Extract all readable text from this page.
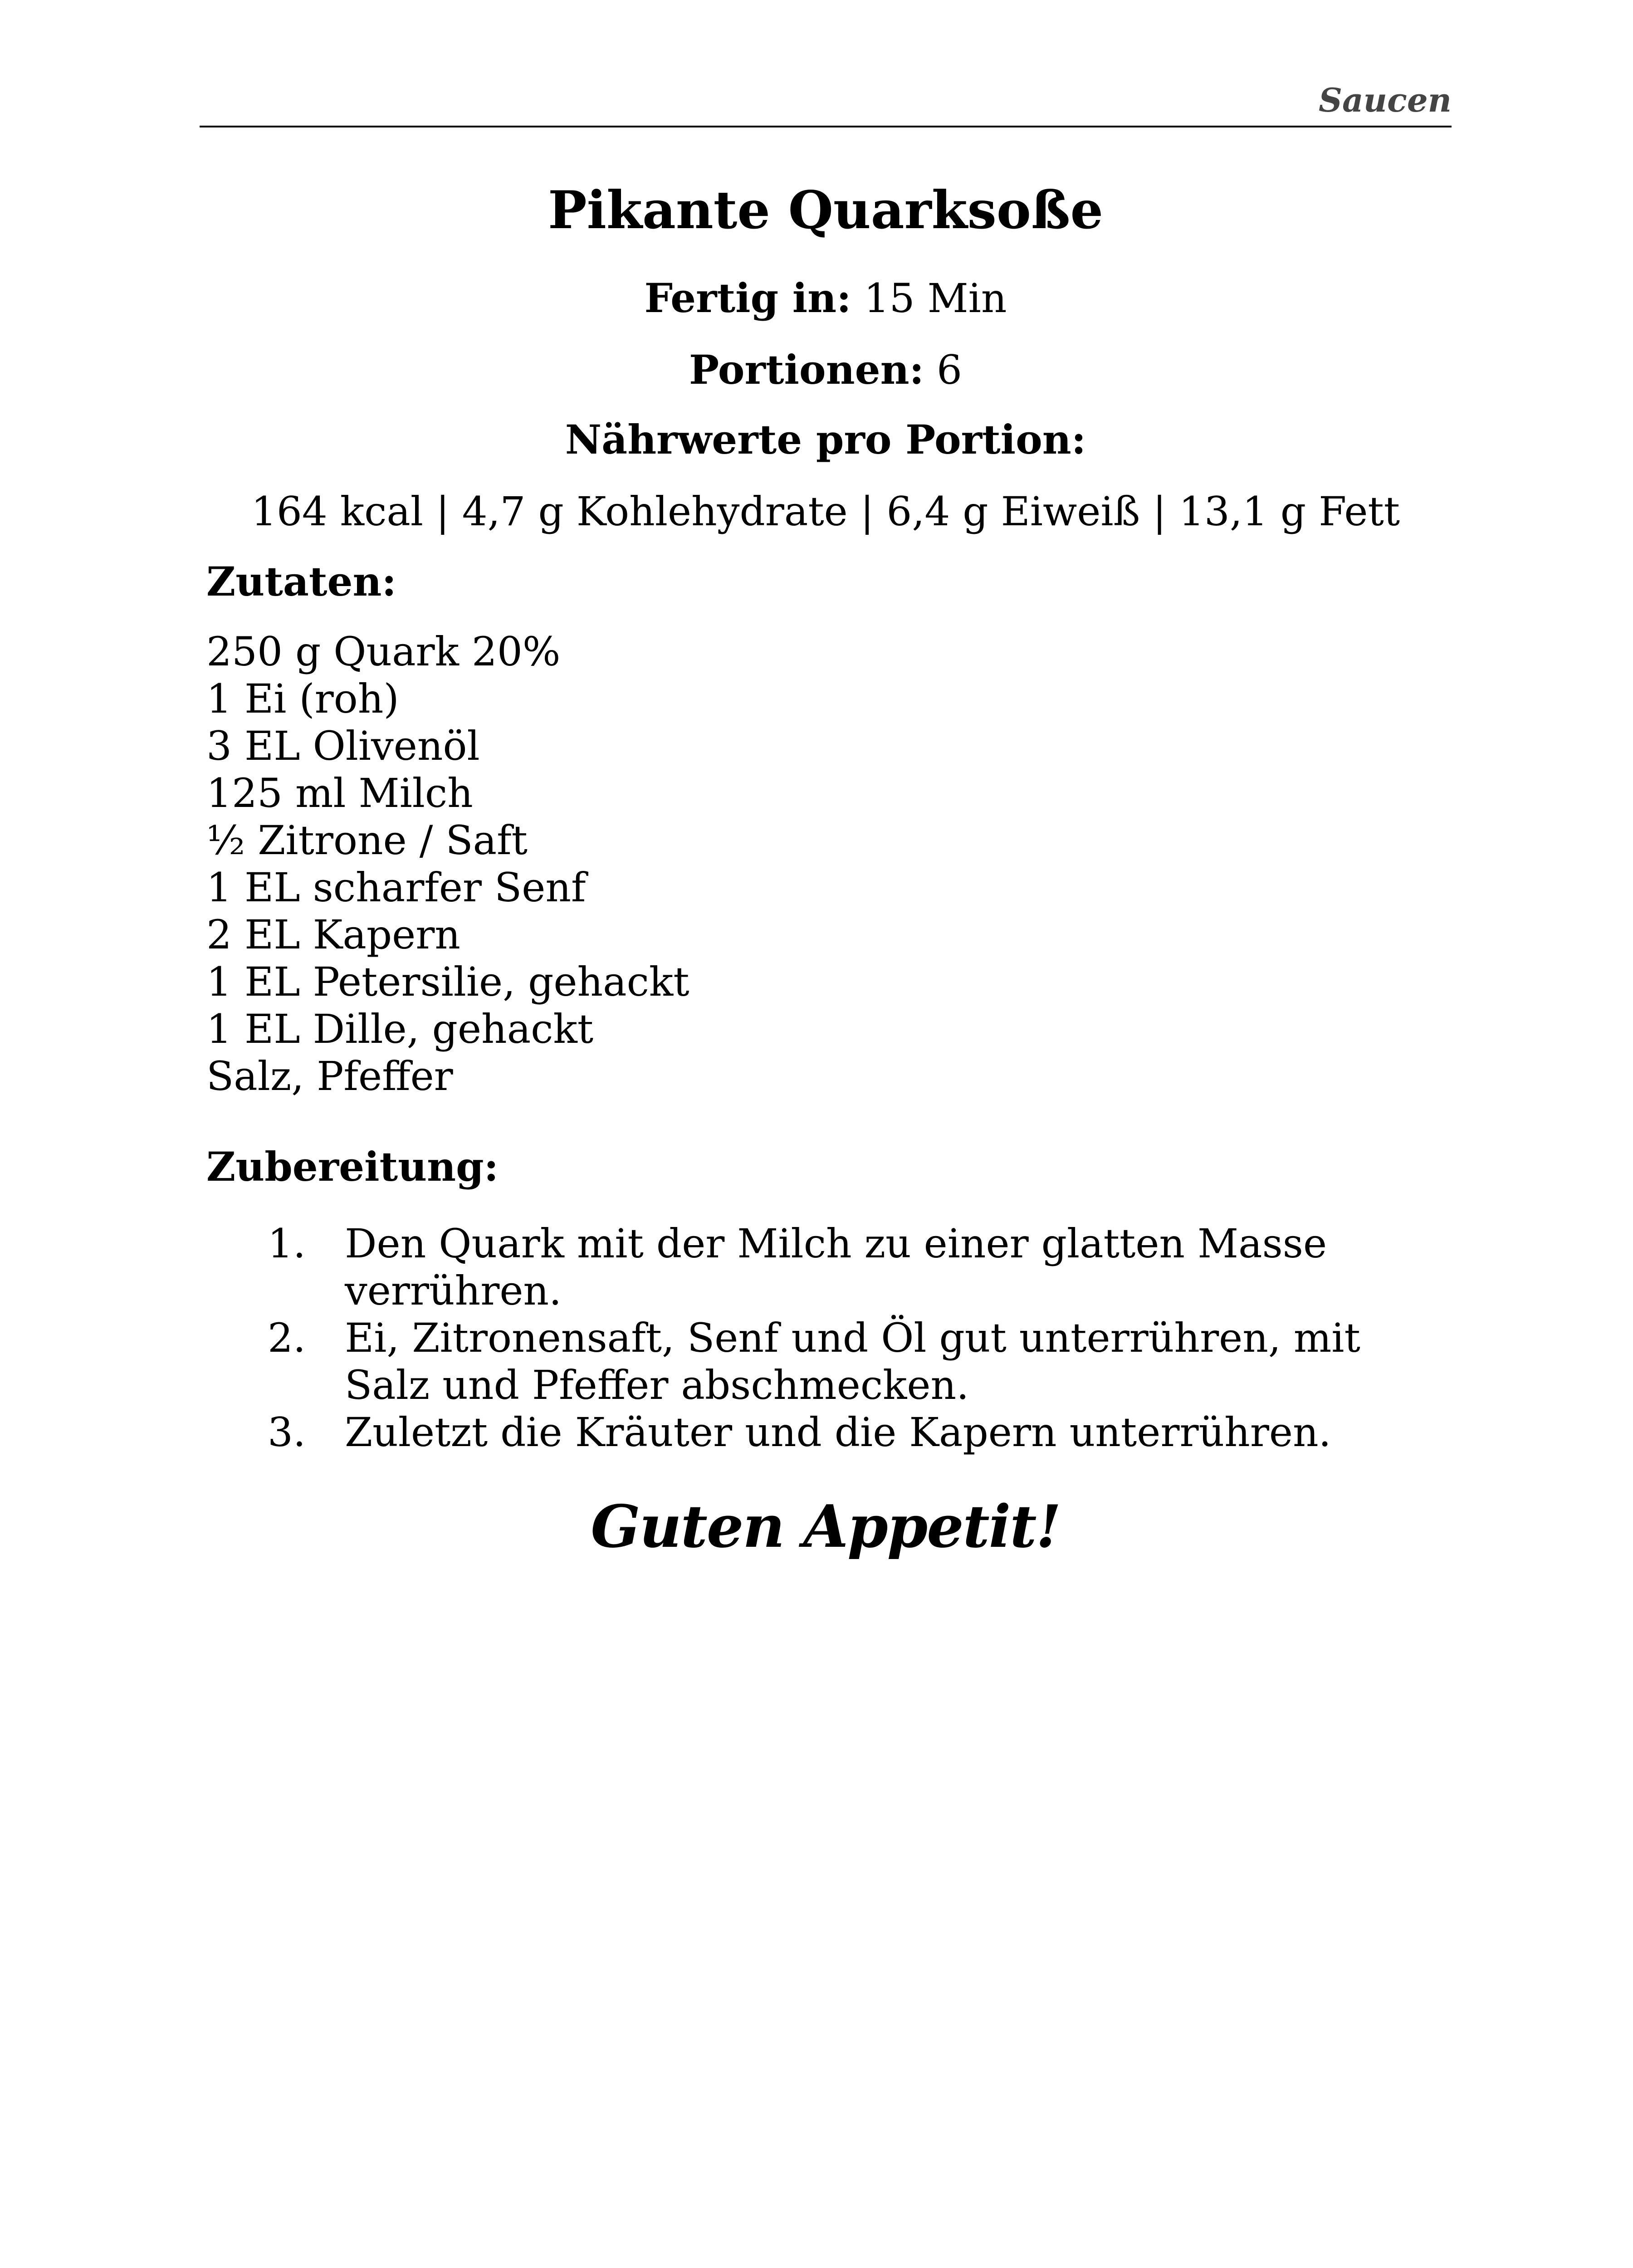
Saucen
Pikante Quarksoße
Fertig in: 15 Min
Portionen: 6
Nährwerte pro Portion:
164 kcal | 4,7 g Kohlehydrate | 6,4 g Eiweiß | 13,1 g Fett
Zutaten:
250 g Quark 20%
1 Ei (roh)
3 EL Olivenöl
125 ml Milch
½ Zitrone / Saft
1 EL scharfer Senf
2 EL Kapern
1 EL Petersilie, gehackt
1 EL Dille, gehackt
Salz, Pfeffer
Zubereitung:
1. Den Quark mit der Milch zu einer glatten Masse verrühren.
2. Ei, Zitronensaft, Senf und Öl gut unterrühren, mit Salz und Pfeffer abschmecken.
3. Zuletzt die Kräuter und die Kapern unterrühren.
Guten Appetit!
